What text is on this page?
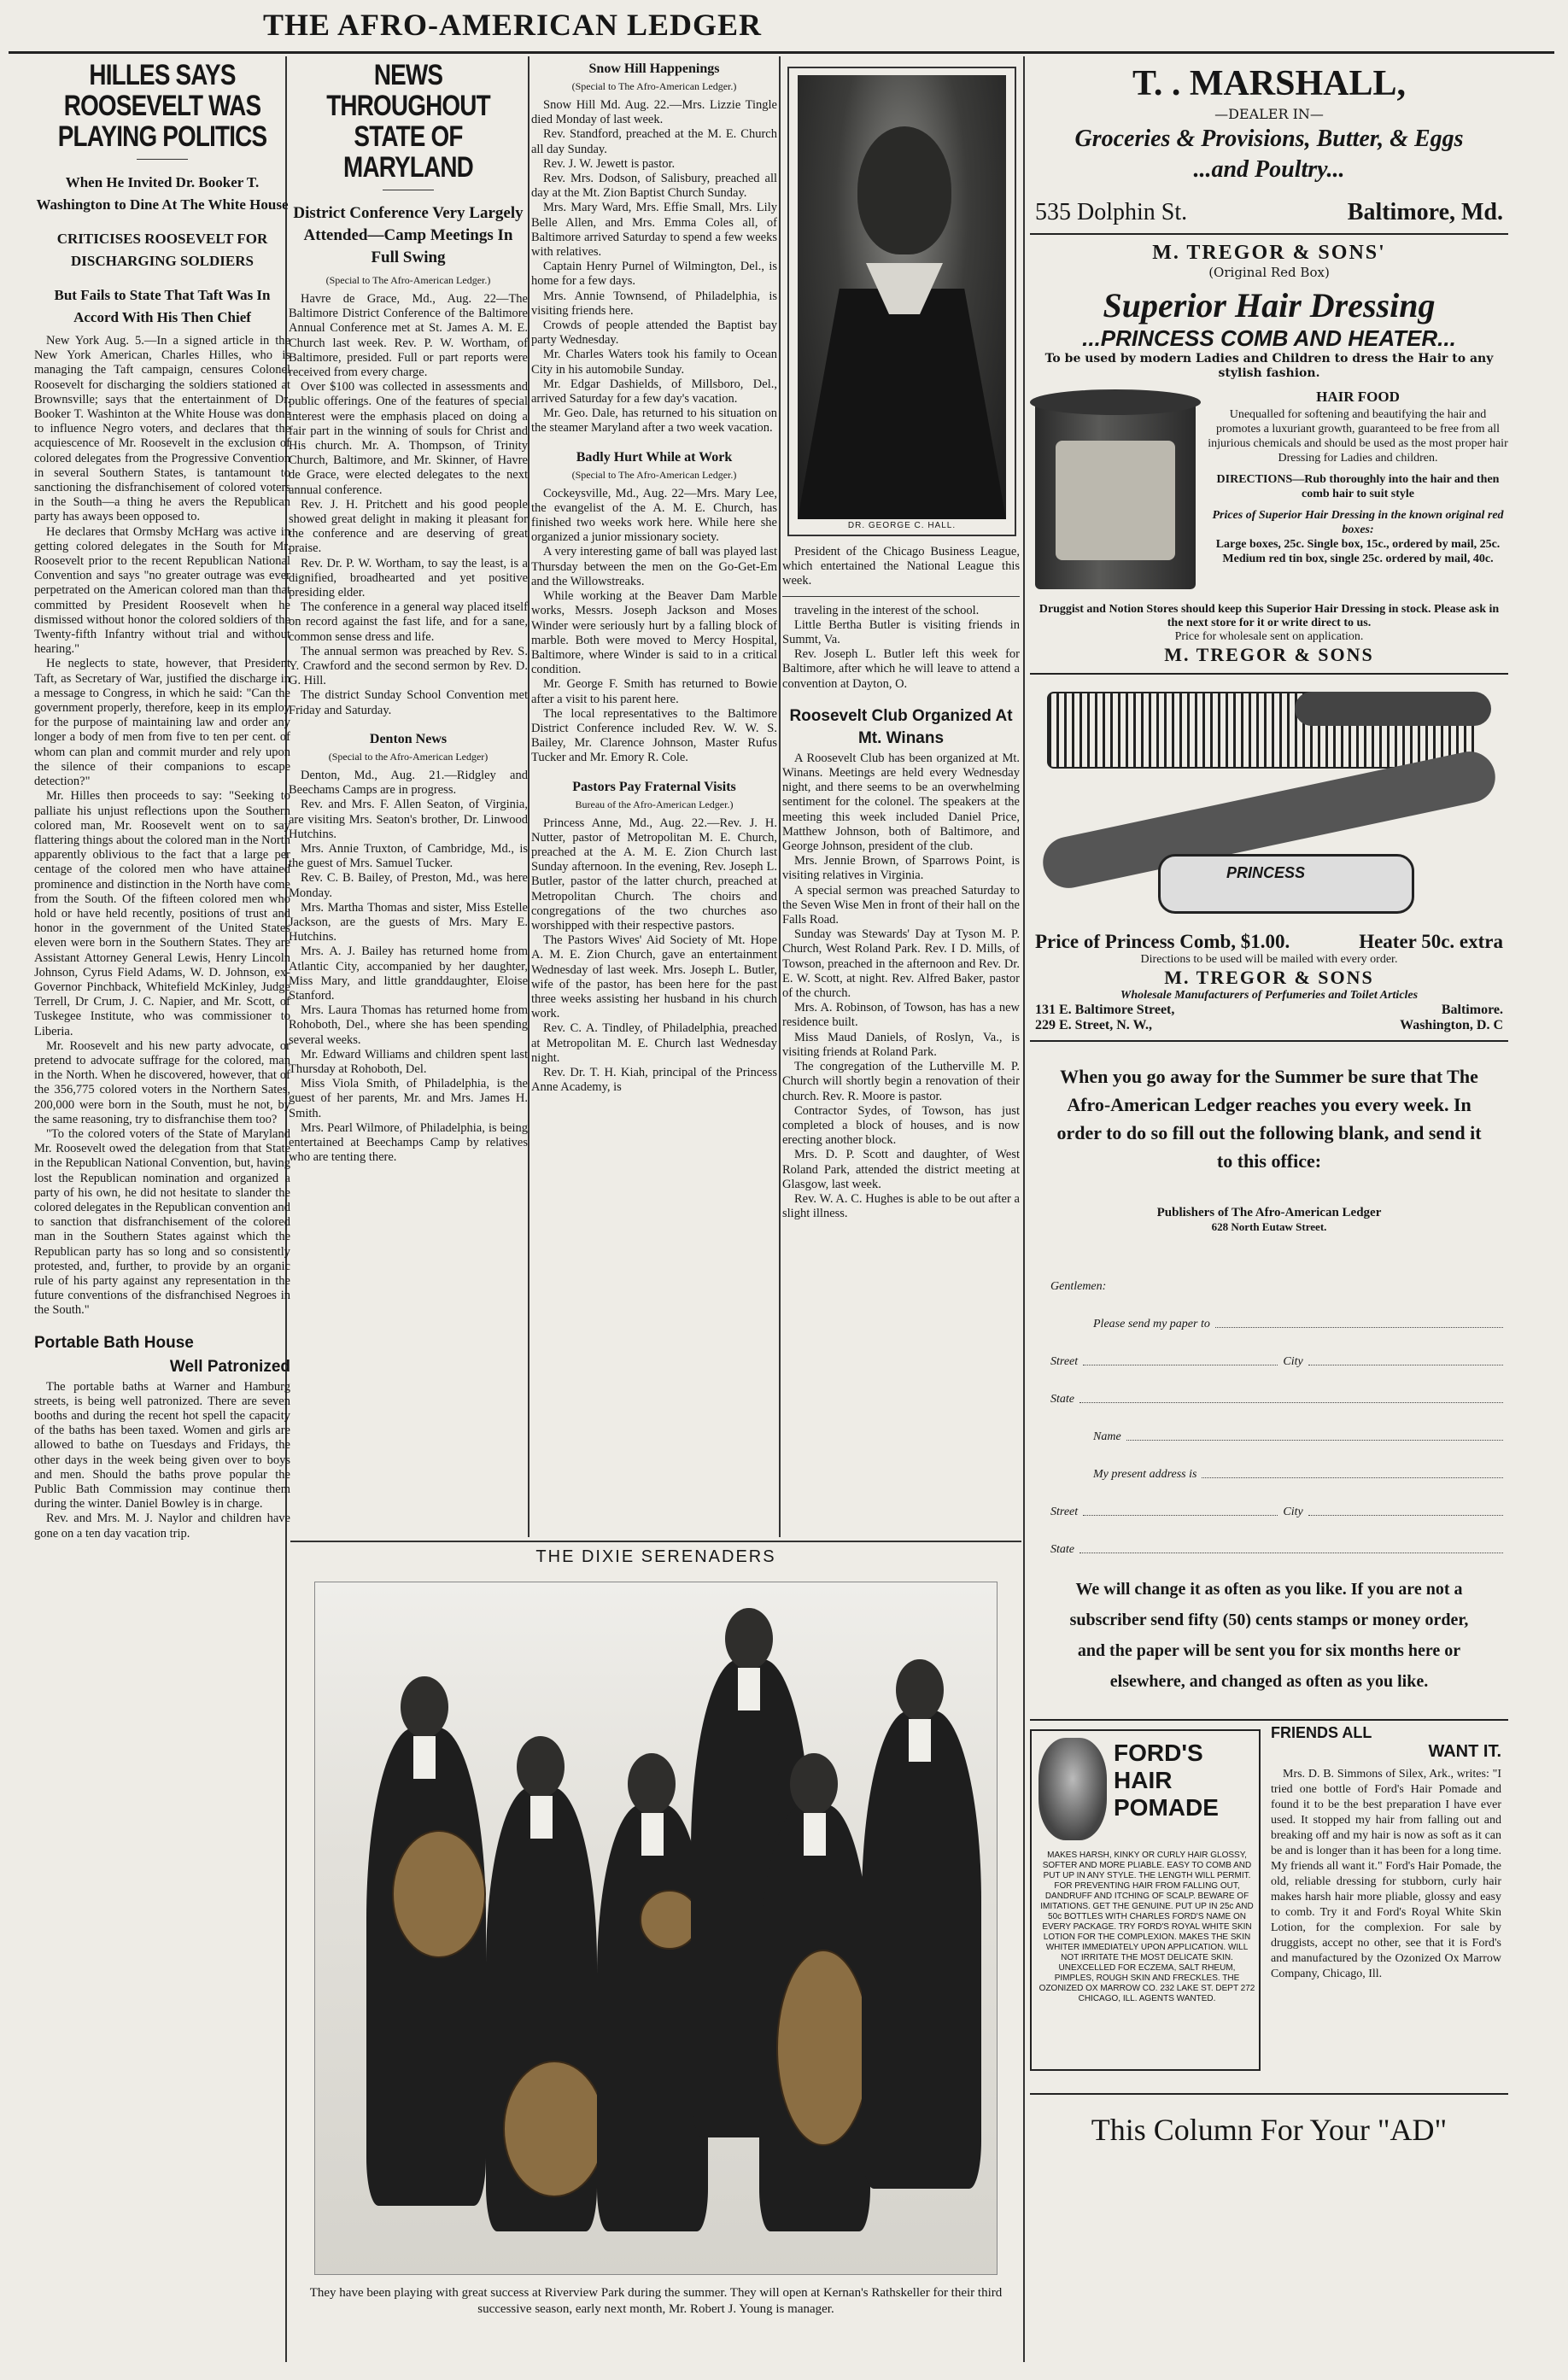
THE AFRO-AMERICAN LEDGER
HILLES SAYS ROOSEVELT WAS PLAYING POLITICS
When He Invited Dr. Booker T. Washington to Dine At The White House
CRITICISES ROOSEVELT FOR DISCHARGING SOLDIERS
But Fails to State That Taft Was In Accord With His Then Chief

New York Aug. 5.—In a signed article in the New York American, Charles Hilles, who is managing the Taft campaign, censures Colonel Roosevelt for discharging the soldiers stationed at Brownsville; says that the entertainment of Dr. Booker T. Washinton at the White House was done to influence Negro voters, and declares that the acquiescence of Mr. Roosevelt in the exclusion of colored delegates from the Progressive Convention in several Southern States, is tantamount to sanctioning the disfranchisement of colored voters in the South—a thing he avers the Republican party has aways been opposed to.

He declares that Ormsby McHarg was active in getting colored delegates in the South for Mr. Roosevelt prior to the recent Republican National Convention and says "no greater outrage was ever perpetrated on the American colored man than that committed by President Roosevelt when he dismissed without honor the colored soldiers of the Twenty-fifth Infantry without trial and without hearing."

He neglects to state, however, that President Taft, as Secretary of War, justified the discharge in a message to Congress, in which he said: "Can the government properly, therefore, keep in its employ for the purpose of maintaining law and order any longer a body of men from five to ten per cent. of whom can plan and commit murder and rely upon the silence of their companions to escape detection?"

Mr. Hilles then proceeds to say: "Seeking to palliate his unjust reflections upon the Southern colored man, Mr. Roosevelt went on to say flattering things about the colored man in the North apparently oblivious to the fact that a large per centage of the colored men who have attained prominence and distinction in the North have come from the South. Of the fifteen colored men who hold or have held recently, positions of trust and honor in the government of the United States eleven were born in the Southern States. They are Assistant Attorney General Lewis, Henry Lincoln Johnson, Cyrus Field Adams, W. D. Johnson, ex-Governor Pinchback, Whitefield McKinley, Judge Terrell, Dr Crum, J. C. Napier, and Mr. Scott, of Tuskegee Institute, who was commissioner to Liberia.

Mr. Roosevelt and his new party advocate, or pretend to advocate suffrage for the colored, man in the North. When he discovered, however, that of the 356,775 colored voters in the Northern Sates, 200,000 were born in the South, must he not, by the same reasoning, try to disfranchise them too?

"To the colored voters of the State of Maryland Mr. Roosevelt owed the delegation from that State in the Republican National Convention, but, having lost the Republican nomination and organized a party of his own, he did not hesitate to slander the colored delegates in the Republican convention and to sanction that disfranchisement of the colored man in the Southern States against which the Republican party has so long and so consistently protested, and, further, to provide by an organic rule of his party against any representation in the future conventions of the disfranchised Negroes in the South."

Portable Bath House
Well Patronized

The portable baths at Warner and Hamburg streets, is being well patronized. There are seven booths and during the recent hot spell the capacity of the baths has been taxed. Women and girls are allowed to bathe on Tuesdays and Fridays, the other days in the week being given over to boys and men. Should the baths prove popular the Public Bath Commission may continue them during the winter. Daniel Bowley is in charge.

Rev. and Mrs. M. J. Naylor and children have gone on a ten day vacation trip.

NEWS THROUGHOUT STATE OF MARYLAND
District Conference Very Largely Attended—Camp Meetings In Full Swing
(Special to The Afro-American Ledger.)

Havre de Grace, Md., Aug. 22—The Baltimore District Conference of the Baltimore Annual Conference met at St. James A. M. E. Church last week. Rev. P. W. Wortham, of Baltimore, presided. Full or part reports were received from every charge.

Over $100 was collected in assessments and public offerings. One of the features of special interest were the emphasis placed on doing a fair part in the winning of souls for Christ and His church. Mr. A. Thompson, of Trinity Church, Baltimore, and Mr. Skinner, of Havre de Grace, were elected delegates to the next annual conference.

Rev. J. H. Pritchett and his good people showed great delight in making it pleasant for the conference and are deserving of great praise.

Rev. Dr. P. W. Wortham, to say the least, is a dignified, broadhearted and yet positive presiding elder.

The conference in a general way placed itself on record against the fast life, and for a sane, common sense dress and life.

The annual sermon was preached by Rev. S. Y. Crawford and the second sermon by Rev. D. G. Hill.

The district Sunday School Convention met Friday and Saturday.

Denton News
(Special to the Afro-American Ledger)

Denton, Md., Aug. 21.—Ridgley and Beechams Camps are in progress.

Rev. and Mrs. F. Allen Seaton, of Virginia, are visiting Mrs. Seaton's brother, Dr. Linwood Hutchins.

Mrs. Annie Truxton, of Cambridge, Md., is the guest of Mrs. Samuel Tucker.

Rev. C. B. Bailey, of Preston, Md., was here Monday.

Mrs. Martha Thomas and sister, Miss Estelle Jackson, are the guests of Mrs. Mary E. Hutchins.

Mrs. A. J. Bailey has returned home from Atlantic City, accompanied by her daughter, Miss Mary, and little granddaughter, Eloise Stanford.

Mrs. Laura Thomas has returned home from Rohoboth, Del., where she has been spending several weeks.

Mr. Edward Williams and children spent last Thursday at Rohoboth, Del.

Miss Viola Smith, of Philadelphia, is the guest of her parents, Mr. and Mrs. James H. Smith.

Mrs. Pearl Wilmore, of Philadelphia, is being entertained at Beechamps Camp by relatives who are tenting there.

Snow Hill Happenings
(Special to The Afro-American Ledger.)

Snow Hill Md. Aug. 22.—Mrs. Lizzie Tingle died Monday of last week.

Rev. Standford, preached at the M. E. Church all day Sunday.

Rev. J. W. Jewett is pastor.

Rev. Mrs. Dodson, of Salisbury, preached all day at the Mt. Zion Baptist Church Sunday.

Mrs. Mary Ward, Mrs. Effie Small, Mrs. Lily Belle Allen, and Mrs. Emma Coles all, of Baltimore arrived Saturday to spend a few weeks with relatives.

Captain Henry Purnel of Wilmington, Del., is home for a few days.

Mrs. Annie Townsend, of Philadelphia, is visiting friends here.

Crowds of people attended the Baptist bay party Wednesday.

Mr. Charles Waters took his family to Ocean City in his automobile Sunday.

Mr. Edgar Dashields, of Millsboro, Del., arrived Saturday for a few day's vacation.

Mr. Geo. Dale, has returned to his situation on the steamer Maryland after a two week vacation.

Badly Hurt While at Work
(Special to The Afro-American Ledger.)

Cockeysville, Md., Aug. 22—Mrs. Mary Lee, the evangelist of the A. M. E. Church, has finished two weeks work here. While here she organized a junior missionary society.

A very interesting game of ball was played last Thursday between the men on the Go-Get-Em and the Willowstreaks.

While working at the Beaver Dam Marble works, Messrs. Joseph Jackson and Moses Winder were seriously hurt by a falling block of marble. Both were moved to Mercy Hospital, Baltimore, where Winder is said to in a critical condition.

Mr. George F. Smith has returned to Bowie after a visit to his parent here.

The local representatives to the Baltimore District Conference included Rev. W. W. S. Bailey, Mr. Clarence Johnson, Master Rufus Tucker and Mr. Emory R. Cole.

Pastors Pay Fraternal Visits
Bureau of the Afro-American Ledger.)

Princess Anne, Md., Aug. 22.—Rev. J. H. Nutter, pastor of Metropolitan M. E. Church, preached at the A. M. E. Zion Church last Sunday afternoon. In the evening, Rev. Joseph L. Butler, pastor of the latter church, preached at Metropolitan Church. The choirs and congregations of the two churches aso worshipped with their respective pastors.

The Pastors Wives' Aid Society of Mt. Hope A. M. E. Zion Church, gave an entertainment Wednesday of last week. Mrs. Joseph L. Butler, wife of the pastor, has been here for the past three weeks assisting her husband in his church work.

Rev. C. A. Tindley, of Philadelphia, preached at Metropolitan M. E. Church last Wednesday night.

Rev. Dr. T. H. Kiah, principal of the Princess Anne Academy, is

DR. GEORGE C. HALL.

President of the Chicago Business League, which entertained the National League this week.

traveling in the interest of the school.

Little Bertha Butler is visiting friends in Summt, Va.

Rev. Joseph L. Butler left this week for Baltimore, after which he will leave to attend a convention at Dayton, O.

Roosevelt Club Organized At Mt. Winans

A Roosevelt Club has been organized at Mt. Winans. Meetings are held every Wednesday night, and there seems to be an overwhelming sentiment for the colonel. The speakers at the meeting this week included Daniel Price, Matthew Johnson, both of Baltimore, and George Johnson, president of the club.

Mrs. Jennie Brown, of Sparrows Point, is visiting relatives in Virginia.

A special sermon was preached Saturday to the Seven Wise Men in front of their hall on the Falls Road.

Sunday was Stewards' Day at Tyson M. P. Church, West Roland Park. Rev. I D. Mills, of Towson, preached in the afternoon and Rev. Dr. E. W. Scott, at night. Rev. Alfred Baker, pastor of the church.

Mrs. A. Robinson, of Towson, has has a new residence built.

Miss Maud Daniels, of Roslyn, Va., is visiting friends at Roland Park.

The congregation of the Lutherville M. P. Church will shortly begin a renovation of their church. Rev. R. Moore is pastor.

Contractor Sydes, of Towson, has just completed a block of houses, and is now erecting another block.

Mrs. D. P. Scott and daughter, of West Roland Park, attended the district meeting at Glasgow, last week.

Rev. W. A. C. Hughes is able to be out after a slight illness.

THE DIXIE SERENADERS
They have been playing with great success at Riverview Park during the summer. They will open at Kernan's Rathskeller for their third successive season, early next month, Mr. Robert J. Young is manager.
T. . MARSHALL,
—DEALER IN—
Groceries & Provisions, Butter, & Eggs
...and Poultry...
535 Dolphin St.	Baltimore, Md.
M. TREGOR & SONS'
(Original Red Box)
Superior Hair Dressing
...PRINCESS COMB AND HEATER...
To be used by modern Ladies and Children to dress the Hair to any stylish fashion.
HAIR FOOD
Unequalled for softening and beautifying the hair and promotes a luxuriant growth, guaranteed to be free from all injurious chemicals and should be used as the most proper hair Dressing for Ladies and children.
DIRECTIONS—Rub thoroughly into the hair and then comb hair to suit style
Prices of Superior Hair Dressing in the known original red boxes:
Large boxes, 25c. Single box, 15c., ordered by mail, 25c.
Medium red tin box, single 25c. ordered by mail, 40c.
Druggist and Notion Stores should keep this Superior Hair Dressing in stock. Please ask in the next store for it or write direct to us.
Price for wholesale sent on application.
M. TREGOR & SONS
PRINCESS
Price of Princess Comb, $1.00.	Heater 50c. extra
Directions to be used will be mailed with every order.
M. TREGOR & SONS
Wholesale Manufacturers of Perfumeries and Toilet Articles
131 E. Baltimore Street,	Baltimore.
229 E. Street, N. W.,	Washington, D. C
When you go away for the Summer be sure that The Afro-American Ledger reaches you every week. In order to do so fill out the following blank, and send it to this office:
Publishers of The Afro-American Ledger
628 North Eutaw Street.
Gentlemen:
Please send my paper to
Street	City
State
Name
My present address is
Street	City
State
We will change it as often as you like. If you are not a subscriber send fifty (50) cents stamps or money order, and the paper will be sent you for six months here or elsewhere, and changed as often as you like.
FORD'S HAIR POMADE
MAKES HARSH, KINKY OR CURLY HAIR GLOSSY, SOFTER AND MORE PLIABLE. EASY TO COMB AND PUT UP IN ANY STYLE. THE LENGTH WILL PERMIT. FOR PREVENTING HAIR FROM FALLING OUT, DANDRUFF AND ITCHING OF SCALP. BEWARE OF IMITATIONS. GET THE GENUINE. PUT UP IN 25c AND 50c BOTTLES WITH CHARLES FORD'S NAME ON EVERY PACKAGE. TRY FORD'S ROYAL WHITE SKIN LOTION FOR THE COMPLEXION. MAKES THE SKIN WHITER IMMEDIATELY UPON APPLICATION. WILL NOT IRRITATE THE MOST DELICATE SKIN. UNEXCELLED FOR ECZEMA, SALT RHEUM, PIMPLES, ROUGH SKIN AND FRECKLES. THE OZONIZED OX MARROW CO. 232 LAKE ST. DEPT 272 CHICAGO, ILL. AGENTS WANTED.
FRIENDS ALL
WANT IT.

Mrs. D. B. Simmons of Silex, Ark., writes: "I tried one bottle of Ford's Hair Pomade and found it to be the best preparation I have ever used. It stopped my hair from falling out and breaking off and my hair is now as soft as it can be and is longer than it has been for a long time. My friends all want it." Ford's Hair Pomade, the old, reliable dressing for stubborn, curly hair makes harsh hair more pliable, glossy and easy to comb. Try it and Ford's Royal White Skin Lotion, for the complexion. For sale by druggists, accept no other, see that it is Ford's and manufactured by the Ozonized Ox Marrow Company, Chicago, Ill.

This Column For Your "AD"
